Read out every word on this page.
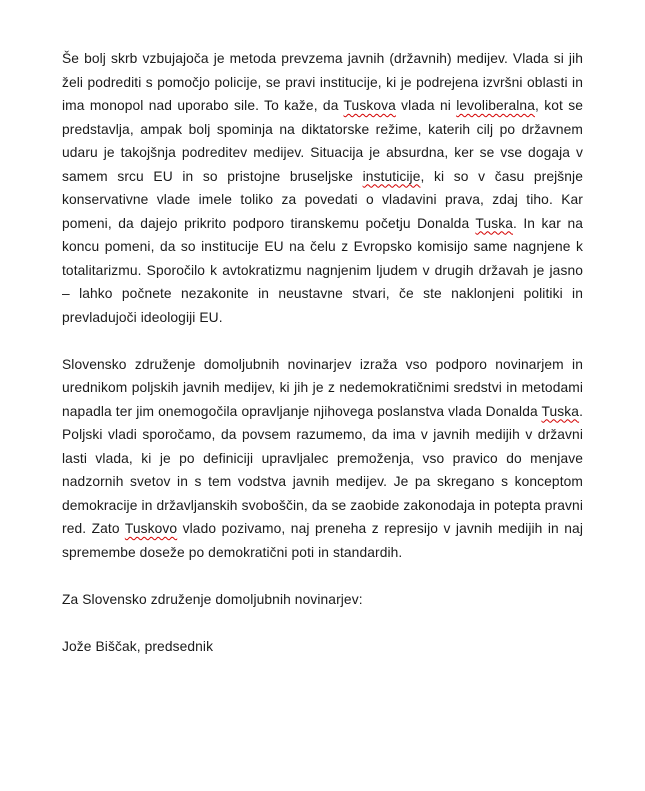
Še bolj skrb vzbujajoča je metoda prevzema javnih (državnih) medijev. Vlada si jih želi podrediti s pomočjo policije, se pravi institucije, ki je podrejena izvršni oblasti in ima monopol nad uporabo sile. To kaže, da Tuskova vlada ni levoliberalna, kot se predstavlja, ampak bolj spominja na diktatorske režime, katerih cilj po državnem udaru je takojšnja podreditev medijev. Situacija je absurdna, ker se vse dogaja v samem srcu EU in so pristojne bruseljske instuticije, ki so v času prejšnje konservativne vlade imele toliko za povedati o vladavini prava, zdaj tiho. Kar pomeni, da dajejo prikrito podporo tiranskemu početju Donalda Tuska. In kar na koncu pomeni, da so institucije EU na čelu z Evropsko komisijo same nagnjene k totalitarizmu. Sporočilo k avtokratizmu nagnjenim ljudem v drugih državah je jasno – lahko počnete nezakonite in neustavne stvari, če ste naklonjeni politiki in prevladujoči ideologiji EU.

Slovensko združenje domoljubnih novinarjev izraža vso podporo novinarjem in urednikom poljskih javnih medijev, ki jih je z nedemokratičnimi sredstvi in metodami napadla ter jim onemogočila opravljanje njihovega poslanstva vlada Donalda Tuska. Poljski vladi sporočamo, da povsem razumemo, da ima v javnih medijih v državni lasti vlada, ki je po definiciji upravljalec premoženja, vso pravico do menjave nadzornih svetov in s tem vodstva javnih medijev. Je pa skregano s konceptom demokracije in državljanskih svoboščin, da se zaobide zakonodaja in potepta pravni red. Zato Tuskovo vlado pozivamo, naj preneha z represijo v javnih medijih in naj spremembe doseže po demokratični poti in standardih.

Za Slovensko združenje domoljubnih novinarjev:

Jože Biščak, predsednik
